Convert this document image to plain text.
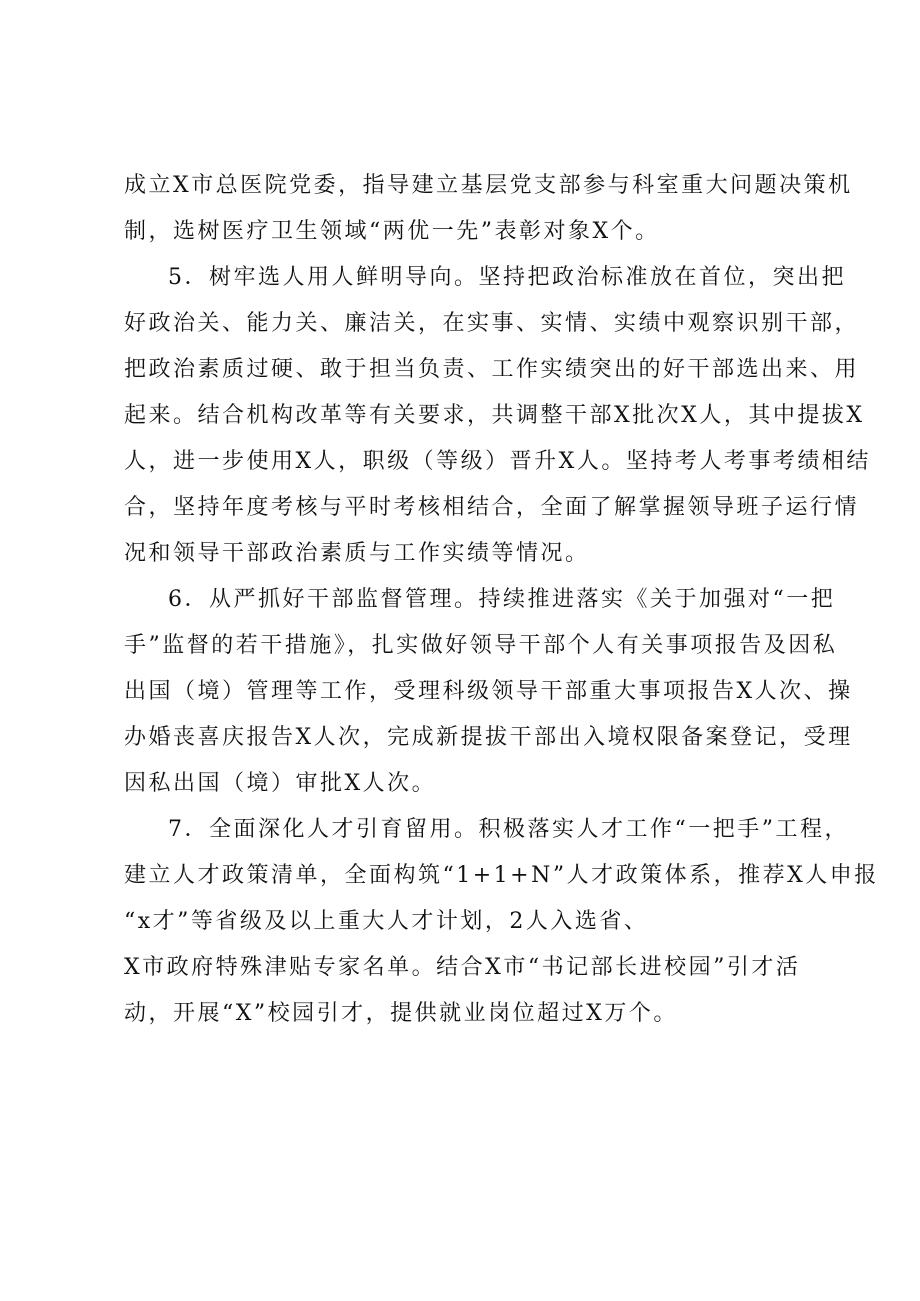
成立X市总医院党委，指导建立基层党支部参与科室重大问题决策机
制，选树医疗卫生领域“两优一先”表彰对象X个。
5．树牢选人用人鲜明导向。坚持把政治标准放在首位，突出把
好政治关、能力关、廉洁关，在实事、实情、实绩中观察识别干部，
把政治素质过硬、敢于担当负责、工作实绩突出的好干部选出来、用
起来。结合机构改革等有关要求，共调整干部X批次X人，其中提拔X
人，进一步使用X人，职级（等级）晋升X人。坚持考人考事考绩相结
合，坚持年度考核与平时考核相结合，全面了解掌握领导班子运行情
况和领导干部政治素质与工作实绩等情况。
6．从严抓好干部监督管理。持续推进落实《关于加强对“一把
手”监督的若干措施》，扎实做好领导干部个人有关事项报告及因私
出国（境）管理等工作，受理科级领导干部重大事项报告X人次、操
办婚丧喜庆报告X人次，完成新提拔干部出入境权限备案登记，受理
因私出国（境）审批X人次。
7．全面深化人才引育留用。积极落实人才工作“一把手”工程，
建立人才政策清单，全面构筑“1+1+N”人才政策体系，推荐X人申报
“x才”等省级及以上重大人才计划，2人入选省、
X市政府特殊津贴专家名单。结合X市“书记部长进校园”引才活
动，开展“X”校园引才，提供就业岗位超过X万个。
